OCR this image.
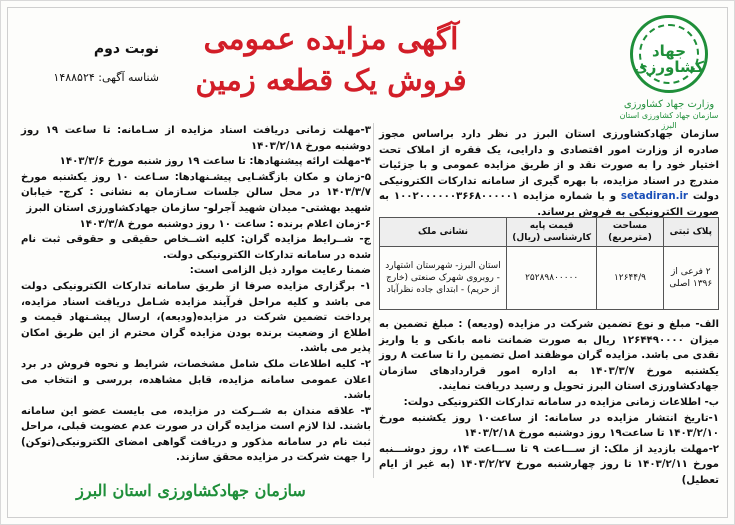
جهاد کشاورزی
وزارت جهاد کشاورزی
سازمان جهاد کشاورزی استان البرز
آگهی مزایده عمومی
فروش یک قطعه زمین
نوبت دوم
شناسه آگهی: ۱۴۸۸۵۲۴

سازمان جهادکشاورزی استان البرز در نظر دارد براساس مجوز صادره از وزارت امور اقتصادی و دارایی، یک فقره از املاک تحت اختیار خود را به صورت نقد و از طریق مزایده عمومی و با جزئیات مندرج در اسناد مزایده، با بهره گیری از سامانه تدارکات الکترونیکی دولت setadiran.ir و با شماره مزایده ۱۰۰۲۰۰۰۰۰۰۳۶۶۸۰۰۰۰۰۱ به صورت الکترونیکی به فروش برساند.

پلاک ثبتی	مساحت (مترمربع)	قیمت پایه کارشناسی (ریال)	نشانی ملک
۲ فرعی از ۱۳۹۶ اصلی	۱۲۶۴۴/۹	۲۵۲۸۹۸۰۰۰۰۰	استان البرز- شهرستان اشتهارد - روبروی شهرک صنعتی (خارج از حریم) - ابتدای جاده نظرآباد

الف- مبلغ و نوع تضمین شرکت در مزایده (ودیعه) : مبلغ تضمین به میزان ۱۲۶۴۴۹۰۰۰۰ ریال به صورت ضمانت نامه بانکی و یا واریز نقدی می باشد. مزایده گران موظفند اصل تضمین را تا ساعت ۸ روز یکشنبه مورخ ۱۴۰۳/۳/۷ به اداره امور قراردادهای سازمان جهادکشاورزی استان البرز تحویل و رسید دریافت نمایند.

ب- اطلاعات زمانی مزایده در سامانه تدارکات الکترونیکی دولت:

۱-تاریخ انتشار مزایده در سامانه: از ساعت۱۰ روز یکشنبه مورخ ۱۴۰۳/۲/۱۰ تا ساعت۱۹ روز دوشنبه مورخ ۱۴۰۳/۲/۱۸

۲-مهلت بازدید از ملک: از ســـاعت ۹ تا ســـاعت ۱۴، روز دوشـــنبه مورخ ۱۴۰۳/۲/۱۱ تا روز چهارشنبه مورخ ۱۴۰۳/۲/۲۷ (به غیر از ایام تعطیل)

۳-مهلت زمانی دریافت اسناد مزایده از سـامانه: تا ساعت ۱۹ روز دوشنبه مورخ ۱۴۰۳/۲/۱۸

۴-مهلت ارائه پیشنهادها: تا ساعت ۱۹ روز شنبه مورخ ۱۴۰۳/۳/۶

۵-زمان و مکان بازگشـایی پیشـنهادها: سـاعت ۱۰ روز یکشنبه مورخ ۱۴۰۳/۳/۷ در محل سالن جلسات سـازمان به نشانی : کرج- خیابان شهید بهشتی- میدان شهید آجرلو- سازمان جهادکشاورزی استان البرز

۶-زمان اعلام برنده : ساعت ۱۰ روز دوشنبه مورخ ۱۴۰۳/۳/۸

ج- شــرایط مزایده گران: کلیه اشــخاص حقیقی و حقوقی ثبت نام شده در سامانه تدارکات الکترونیکی دولت.

ضمنا رعایت موارد ذیل الزامی است:

۱- برگزاری مزایده صرفا از طریق سامانه تدارکات الکترونیکی دولت می باشد و کلیه مراحل فرآیند مزایده شـامل دریافت اسناد مزایده، پرداخت تضمین شرکت در مزایده(ودیعه)، ارسال پیشـنهاد قیمت و اطلاع از وضعیت برنده بودن مزایده گران محترم از این طریق امکان پذیر می باشد.

۲- کلیه اطلاعات ملک شامل مشخصات، شرایط و نحوه فروش در برد اعلان عمومی سامانه مزایده، قابل مشاهده، بررسی و انتخاب می باشد.

۳- علاقه مندان به شــرکت در مزایده، می بایست عضو این سامانه باشند. لذا لازم است مزایده گران در صورت عدم عضویت قبلی، مراحل ثبت نام در سامانه مذکور و دریافت گواهی امضای الکترونیکی(توکن) را جهت شرکت در مزایده محقق سازند.

سازمان جهادکشاورزی استان البرز
